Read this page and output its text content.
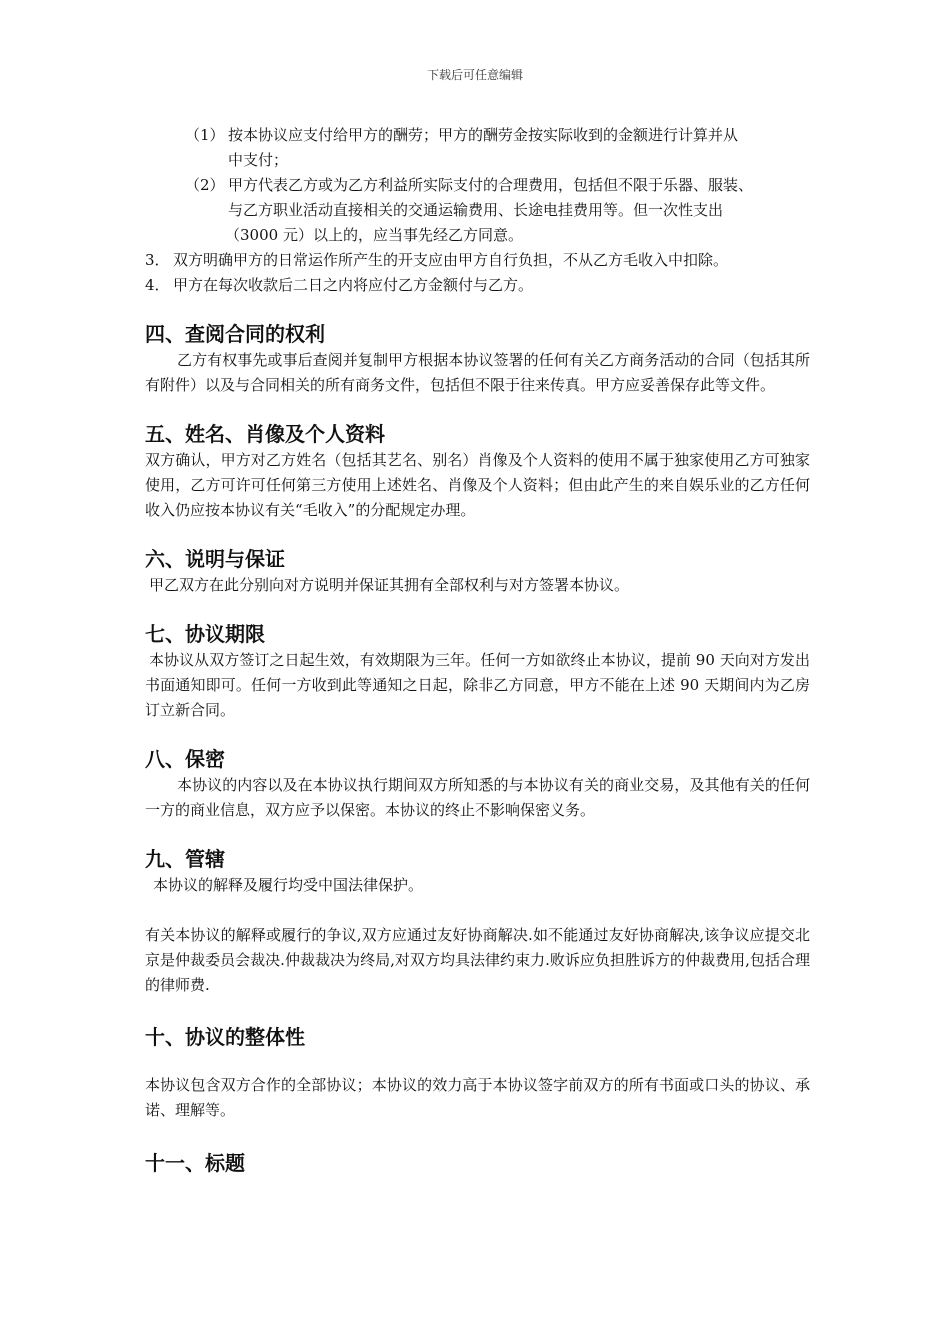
下载后可任意编辑

（1） 按本协议应支付给甲方的酬劳；甲方的酬劳金按实际收到的金额进行计算并从

中支付；

（2） 甲方代表乙方或为乙方利益所实际支付的合理费用，包括但不限于乐器、服装、

与乙方职业活动直接相关的交通运输费用、长途电挂费用等。但一次性支出

（3000 元）以上的，应当事先经乙方同意。

3． 双方明确甲方的日常运作所产生的开支应由甲方自行负担，不从乙方毛收入中扣除。

4． 甲方在每次收款后二日之内将应付乙方金额付与乙方。

四、查阅合同的权利

乙方有权事先或事后查阅并复制甲方根据本协议签署的任何有关乙方商务活动的合同（包括其所有附件）以及与合同相关的所有商务文件，包括但不限于往来传真。甲方应妥善保存此等文件。

五、姓名、肖像及个人资料

双方确认，甲方对乙方姓名（包括其艺名、别名）肖像及个人资料的使用不属于独家使用乙方可独家使用，乙方可许可任何第三方使用上述姓名、肖像及个人资料；但由此产生的来自娱乐业的乙方任何收入仍应按本协议有关“毛收入”的分配规定办理。

六、说明与保证

甲乙双方在此分别向对方说明并保证其拥有全部权利与对方签署本协议。

七、协议期限

本协议从双方签订之日起生效，有效期限为三年。任何一方如欲终止本协议，提前 90 天向对方发出书面通知即可。任何一方收到此等通知之日起，除非乙方同意，甲方不能在上述 90 天期间内为乙房订立新合同。

八、保密

本协议的内容以及在本协议执行期间双方所知悉的与本协议有关的商业交易，及其他有关的任何一方的商业信息，双方应予以保密。本协议的终止不影响保密义务。

九、管辖

本协议的解释及履行均受中国法律保护。

有关本协议的解释或履行的争议,双方应通过友好协商解决.如不能通过友好协商解决,该争议应提交北京是仲裁委员会裁决.仲裁裁决为终局,对双方均具法律约束力.败诉应负担胜诉方的仲裁费用,包括合理的律师费.

十、协议的整体性

本协议包含双方合作的全部协议；本协议的效力高于本协议签字前双方的所有书面或口头的协议、承诺、理解等。

十一、标题
